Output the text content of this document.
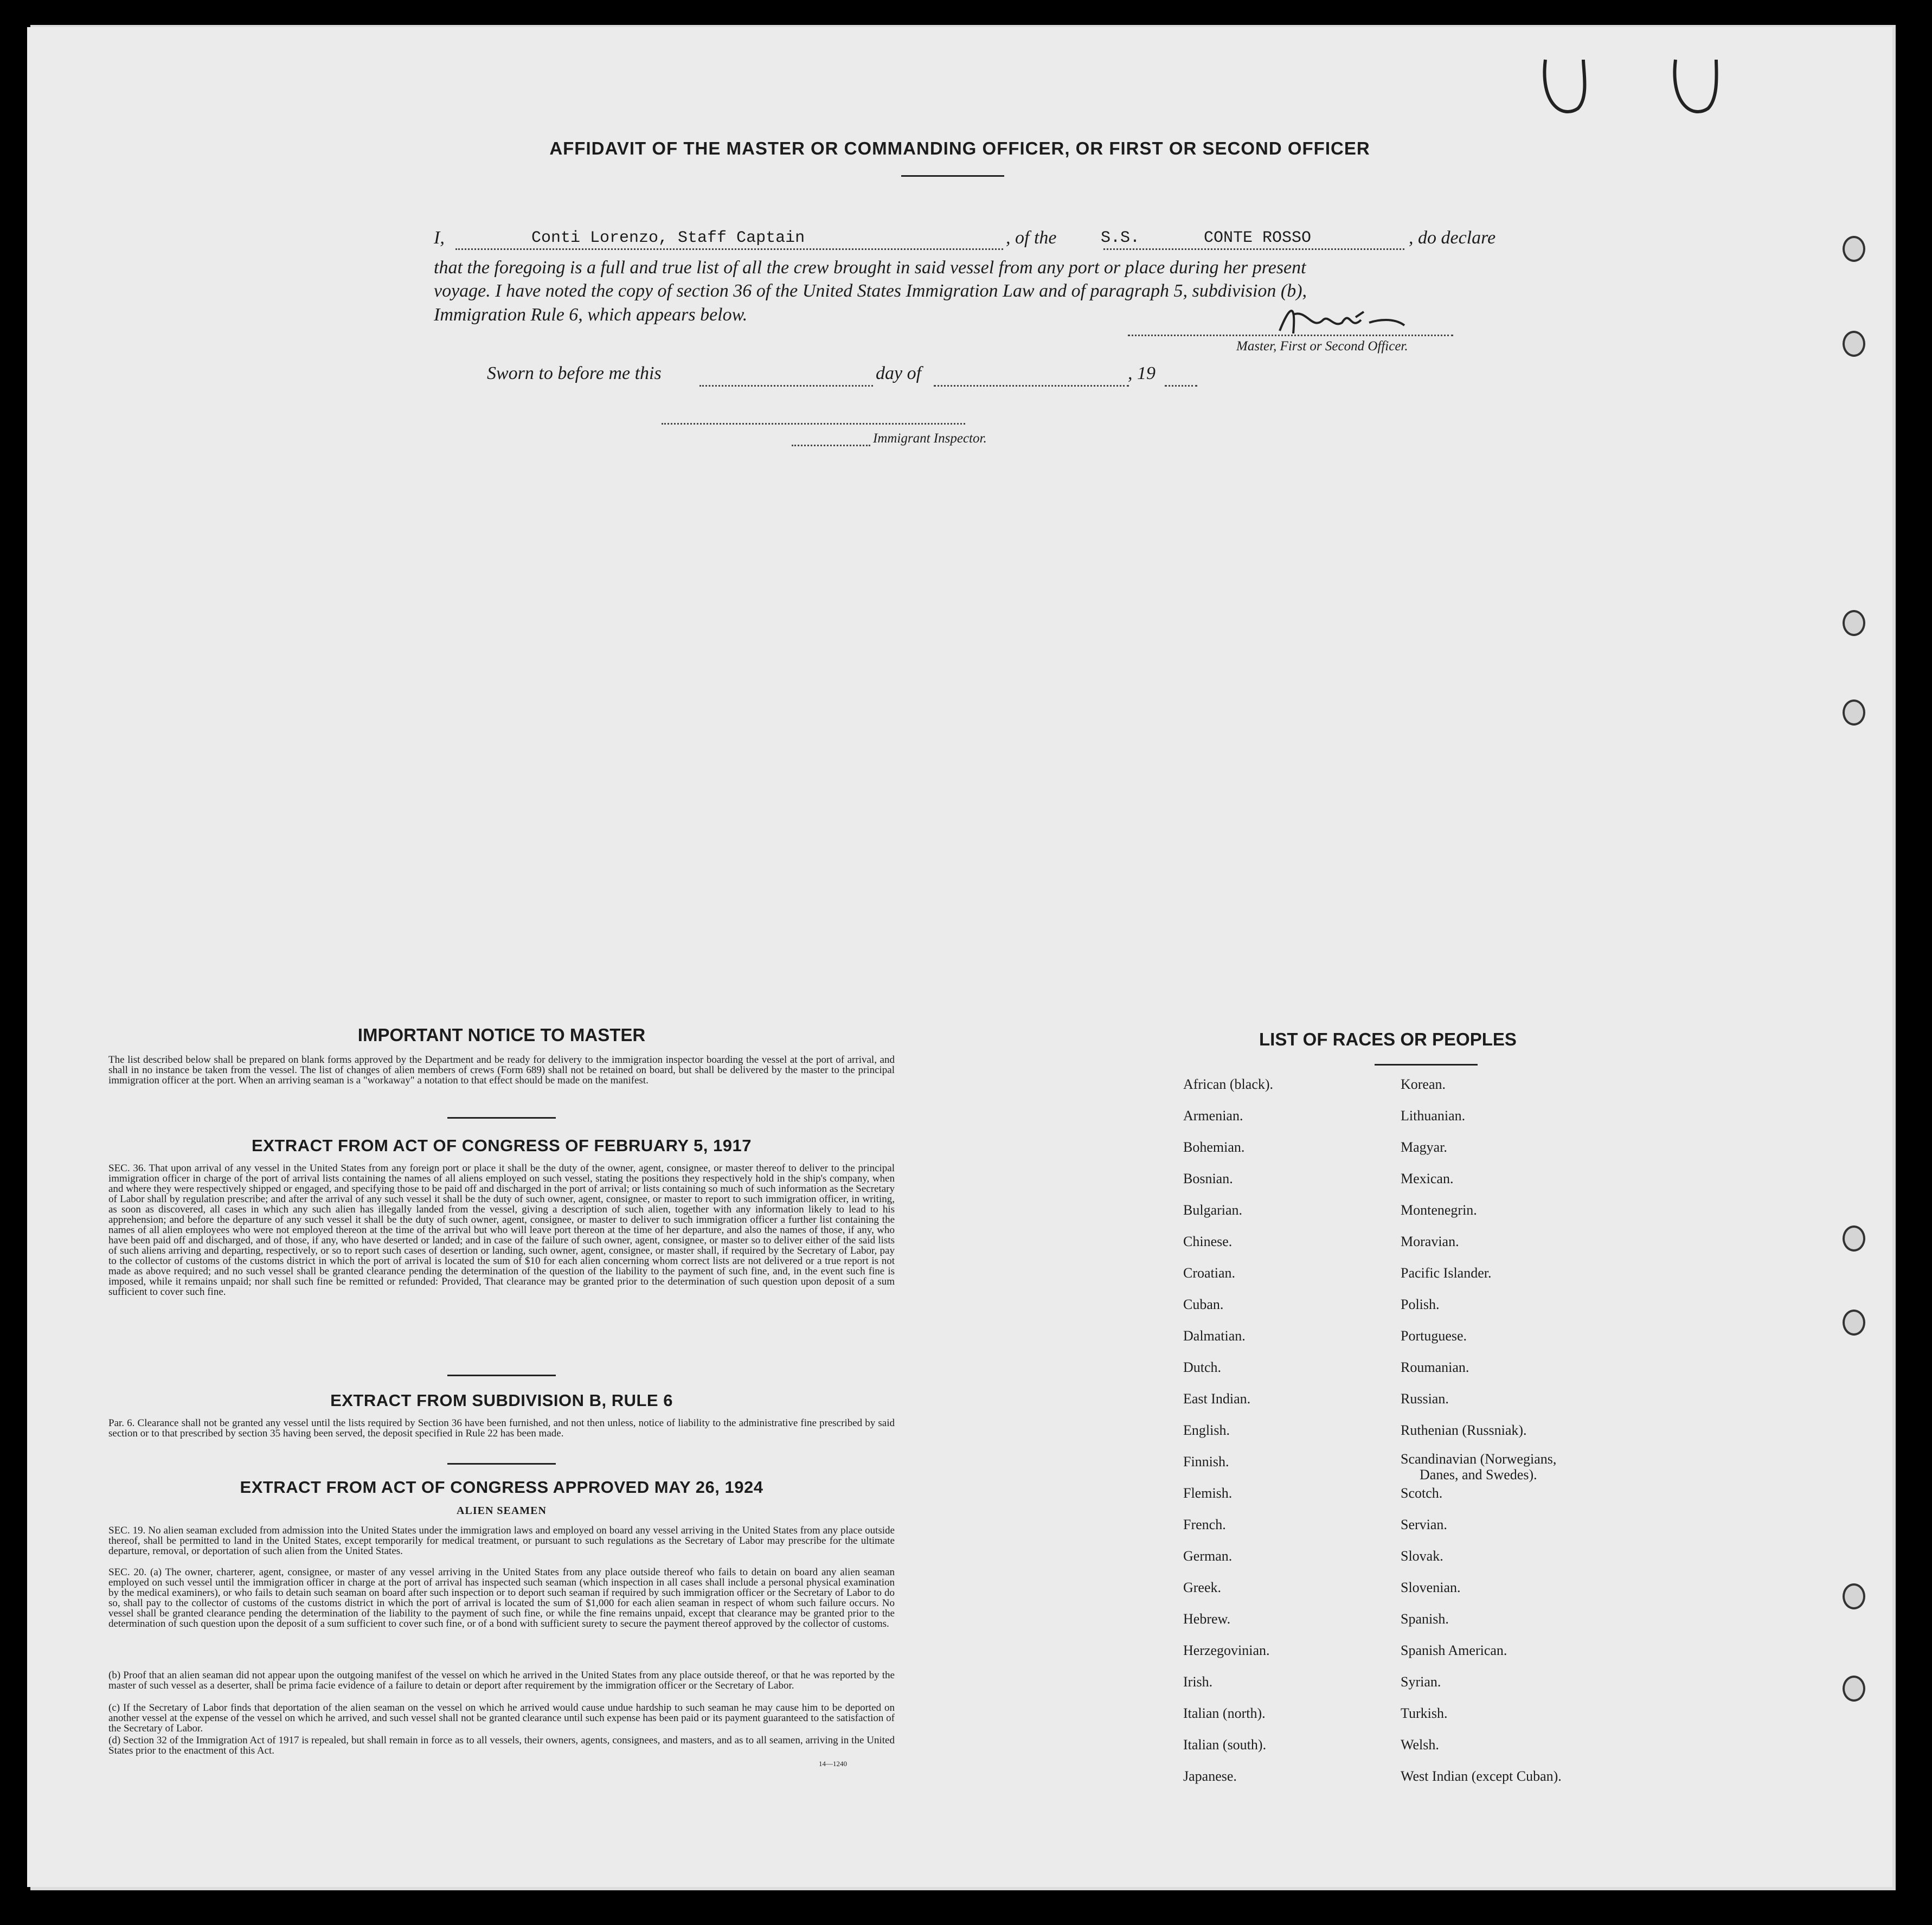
AFFIDAVIT OF THE MASTER OR COMMANDING OFFICER, OR FIRST OR SECOND OFFICER
I,	Conti Lorenzo, Staff Captain	, of the	S.S.	CONTE ROSSO	, do declare
that the foregoing is a full and true list of all the crew brought in said vessel from any port or place during her present
voyage. I have noted the copy of section 36 of the United States Immigration Law and of paragraph 5, subdivision (b),
Immigration Rule 6, which appears below.
Master, First or Second Officer.
Sworn to before me this	day of	, 19
Immigrant Inspector.
IMPORTANT NOTICE TO MASTER
The list described below shall be prepared on blank forms approved by the Department and be ready for delivery to the immigration inspector boarding the vessel at the port of arrival, and shall in no instance be taken from the vessel. The list of changes of alien members of crews (Form 689) shall not be retained on board, but shall be delivered by the master to the principal immigration officer at the port. When an arriving seaman is a "workaway" a notation to that effect should be made on the manifest.
EXTRACT FROM ACT OF CONGRESS OF FEBRUARY 5, 1917
SEC. 36. That upon arrival of any vessel in the United States from any foreign port or place it shall be the duty of the owner, agent, consignee, or master thereof to deliver to the principal immigration officer in charge of the port of arrival lists containing the names of all aliens employed on such vessel, stating the positions they respectively hold in the ship's company, when and where they were respectively shipped or engaged, and specifying those to be paid off and discharged in the port of arrival; or lists containing so much of such information as the Secretary of Labor shall by regulation prescribe; and after the arrival of any such vessel it shall be the duty of such owner, agent, consignee, or master to report to such immigration officer, in writing, as soon as discovered, all cases in which any such alien has illegally landed from the vessel, giving a description of such alien, together with any information likely to lead to his apprehension; and before the departure of any such vessel it shall be the duty of such owner, agent, consignee, or master to deliver to such immigration officer a further list containing the names of all alien employees who were not employed thereon at the time of the arrival but who will leave port thereon at the time of her departure, and also the names of those, if any, who have been paid off and discharged, and of those, if any, who have deserted or landed; and in case of the failure of such owner, agent, consignee, or master so to deliver either of the said lists of such aliens arriving and departing, respectively, or so to report such cases of desertion or landing, such owner, agent, consignee, or master shall, if required by the Secretary of Labor, pay to the collector of customs of the customs district in which the port of arrival is located the sum of $10 for each alien concerning whom correct lists are not delivered or a true report is not made as above required; and no such vessel shall be granted clearance pending the determination of the question of the liability to the payment of such fine, and, in the event such fine is imposed, while it remains unpaid; nor shall such fine be remitted or refunded: Provided, That clearance may be granted prior to the determination of such question upon deposit of a sum sufficient to cover such fine.
EXTRACT FROM SUBDIVISION B, RULE 6
Par. 6. Clearance shall not be granted any vessel until the lists required by Section 36 have been furnished, and not then unless, notice of liability to the administrative fine prescribed by said section or to that prescribed by section 35 having been served, the deposit specified in Rule 22 has been made.
EXTRACT FROM ACT OF CONGRESS APPROVED MAY 26, 1924
ALIEN SEAMEN
SEC. 19. No alien seaman excluded from admission into the United States under the immigration laws and employed on board any vessel arriving in the United States from any place outside thereof, shall be permitted to land in the United States, except temporarily for medical treatment, or pursuant to such regulations as the Secretary of Labor may prescribe for the ultimate departure, removal, or deportation of such alien from the United States.
SEC. 20. (a) The owner, charterer, agent, consignee, or master of any vessel arriving in the United States from any place outside thereof who fails to detain on board any alien seaman employed on such vessel until the immigration officer in charge at the port of arrival has inspected such seaman (which inspection in all cases shall include a personal physical examination by the medical examiners), or who fails to detain such seaman on board after such inspection or to deport such seaman if required by such immigration officer or the Secretary of Labor to do so, shall pay to the collector of customs of the customs district in which the port of arrival is located the sum of $1,000 for each alien seaman in respect of whom such failure occurs. No vessel shall be granted clearance pending the determination of the liability to the payment of such fine, or while the fine remains unpaid, except that clearance may be granted prior to the determination of such question upon the deposit of a sum sufficient to cover such fine, or of a bond with sufficient surety to secure the payment thereof approved by the collector of customs.
(b) Proof that an alien seaman did not appear upon the outgoing manifest of the vessel on which he arrived in the United States from any place outside thereof, or that he was reported by the master of such vessel as a deserter, shall be prima facie evidence of a failure to detain or deport after requirement by the immigration officer or the Secretary of Labor.
(c) If the Secretary of Labor finds that deportation of the alien seaman on the vessel on which he arrived would cause undue hardship to such seaman he may cause him to be deported on another vessel at the expense of the vessel on which he arrived, and such vessel shall not be granted clearance until such expense has been paid or its payment guaranteed to the satisfaction of the Secretary of Labor.
(d) Section 32 of the Immigration Act of 1917 is repealed, but shall remain in force as to all vessels, their owners, agents, consignees, and masters, and as to all seamen, arriving in the United States prior to the enactment of this Act.
14—1240
LIST OF RACES OR PEOPLES
African (black).
Armenian.
Bohemian.
Bosnian.
Bulgarian.
Chinese.
Croatian.
Cuban.
Dalmatian.
Dutch.
East Indian.
English.
Finnish.
Flemish.
French.
German.
Greek.
Hebrew.
Herzegovinian.
Irish.
Italian (north).
Italian (south).
Japanese.
Korean.
Lithuanian.
Magyar.
Mexican.
Montenegrin.
Moravian.
Pacific Islander.
Polish.
Portuguese.
Roumanian.
Russian.
Ruthenian (Russniak).
Scandinavian (Norwegians,
Danes, and Swedes).
Scotch.
Servian.
Slovak.
Slovenian.
Spanish.
Spanish American.
Syrian.
Turkish.
Welsh.
West Indian (except Cuban).
